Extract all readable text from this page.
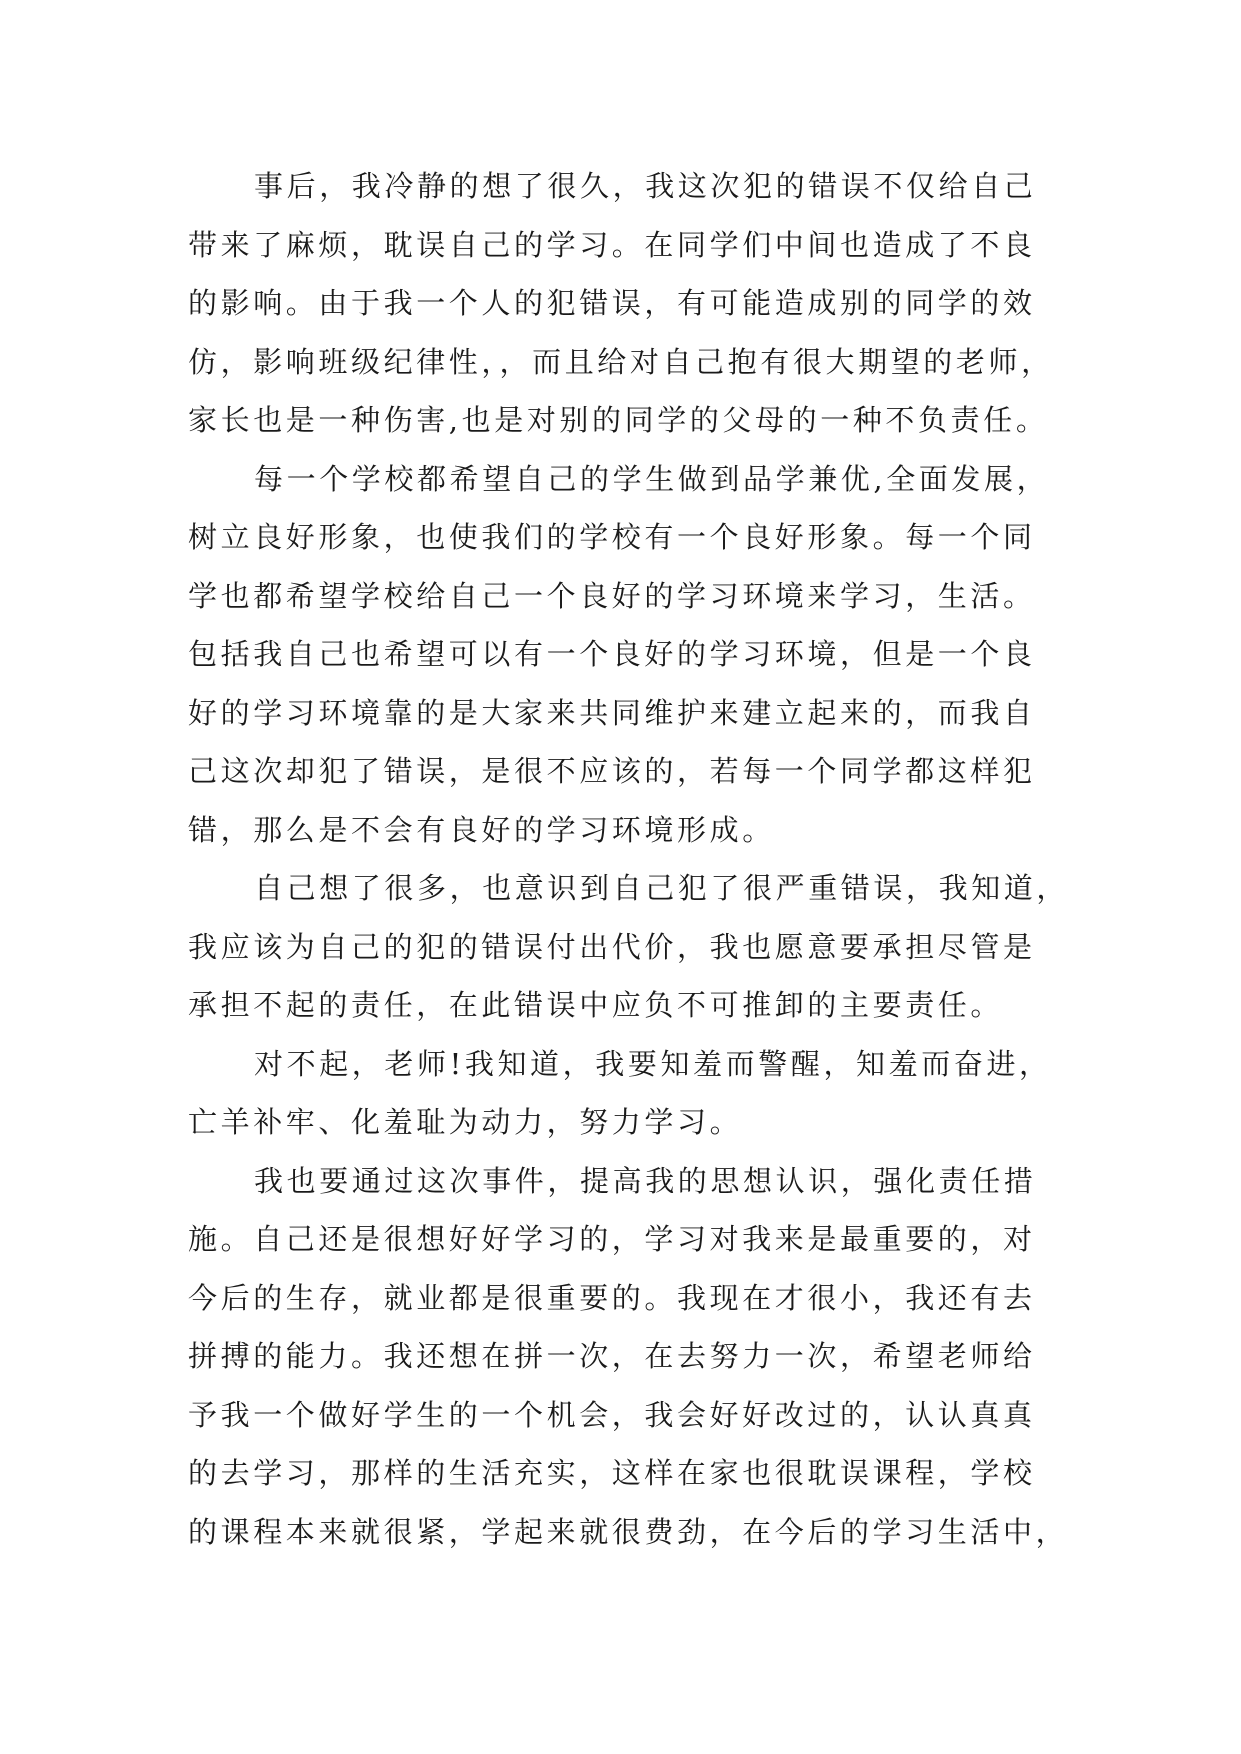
事后，我冷静的想了很久，我这次犯的错误不仅给自己
带来了麻烦，耽误自己的学习。在同学们中间也造成了不良
的影响。由于我一个人的犯错误，有可能造成别的同学的效
仿，影响班级纪律性，，而且给对自己抱有很大期望的老师，
家长也是一种伤害,也是对别的同学的父母的一种不负责任。

每一个学校都希望自己的学生做到品学兼优,全面发展，
树立良好形象，也使我们的学校有一个良好形象。每一个同
学也都希望学校给自己一个良好的学习环境来学习，生活。
包括我自己也希望可以有一个良好的学习环境，但是一个良
好的学习环境靠的是大家来共同维护来建立起来的，而我自
己这次却犯了错误，是很不应该的，若每一个同学都这样犯
错，那么是不会有良好的学习环境形成。

自己想了很多，也意识到自己犯了很严重错误，我知道，
我应该为自己的犯的错误付出代价，我也愿意要承担尽管是
承担不起的责任，在此错误中应负不可推卸的主要责任。

对不起，老师!我知道，我要知羞而警醒，知羞而奋进，
亡羊补牢、化羞耻为动力，努力学习。

我也要通过这次事件，提高我的思想认识，强化责任措
施。自己还是很想好好学习的，学习对我来是最重要的，对
今后的生存，就业都是很重要的。我现在才很小，我还有去
拼搏的能力。我还想在拼一次，在去努力一次，希望老师给
予我一个做好学生的一个机会，我会好好改过的，认认真真
的去学习，那样的生活充实，这样在家也很耽误课程，学校
的课程本来就很紧，学起来就很费劲，在今后的学习生活中，
